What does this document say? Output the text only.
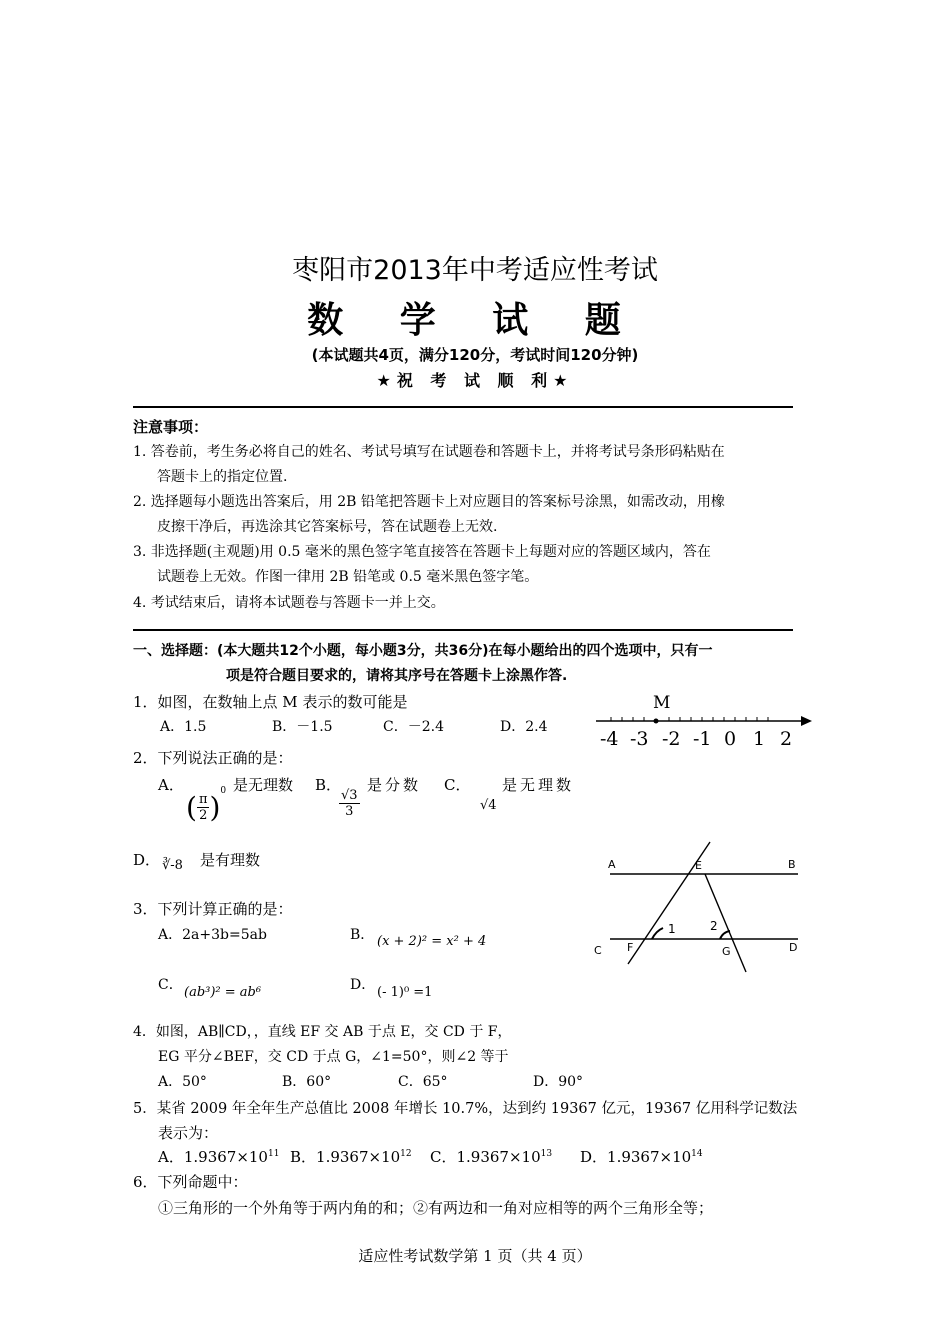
枣阳市2013年中考适应性考试
数 学 试 题
(本试题共4页，满分120分，考试时间120分钟)
★祝 考 试 顺 利★
注意事项：
1. 答卷前，考生务必将自己的姓名、考试号填写在试题卷和答题卡上，并将考试号条形码粘贴在
答题卡上的指定位置.
2. 选择题每小题选出答案后，用 2B 铅笔把答题卡上对应题目的答案标号涂黑，如需改动，用橡
皮擦干净后，再选涂其它答案标号，答在试题卷上无效.
3. 非选择题(主观题)用 0.5 毫米的黑色签字笔直接答在答题卡上每题对应的答题区域内，答在
试题卷上无效。作图一律用 2B 铅笔或 0.5 毫米黑色签字笔。
4. 考试结束后，请将本试题卷与答题卡一并上交。
一、选择题：(本大题共12个小题，每小题3分，共36分)在每小题给出的四个选项中，只有一
项是符合题目要求的，请将其序号在答题卡上涂黑作答.
1．如图，在数轴上点 M 表示的数可能是
A．1.5	B．－1.5	C．－2.4	D．2.4
M
-4 -3 -2 -1 0 1 2
2．下列说法正确的是：
A．
( $\frac{\pi}{2} )^0$ 是无理数 B．
$\frac{√3}{3}$
是分数 C．
√4
是无理数
D． ∛-8 是有理数	A	E	B
C F	G	D
1	2
3．下列计算正确的是：
A．2a+3b=5ab	B． (x + 2)² = x² + 4
C． (ab³)² = ab⁶	D． (- 1)⁰ =1
4．如图，AB∥CD，，直线 EF 交 AB 于点 E，交 CD 于 F，
EG 平分∠BEF，交 CD 于点 G，∠1=50°，则∠2 等于
A．50°	B．60°	C．65°	D．90°
5．某省 2009 年全年生产总值比 2008 年增长 10.7%，达到约 19367 亿元，19367 亿用科学记数法
表示为：
A．$1.9367\times 10^{11}$ B．$1.9367\times 10^{12}$ C．$1.9367\times 10^{13}$ D．$1.9367\times 10^{14}$
6．下列命题中：
①三角形的一个外角等于两内角的和；②有两边和一角对应相等的两个三角形全等；
适应性考试数学第 1 页（共 4 页）
